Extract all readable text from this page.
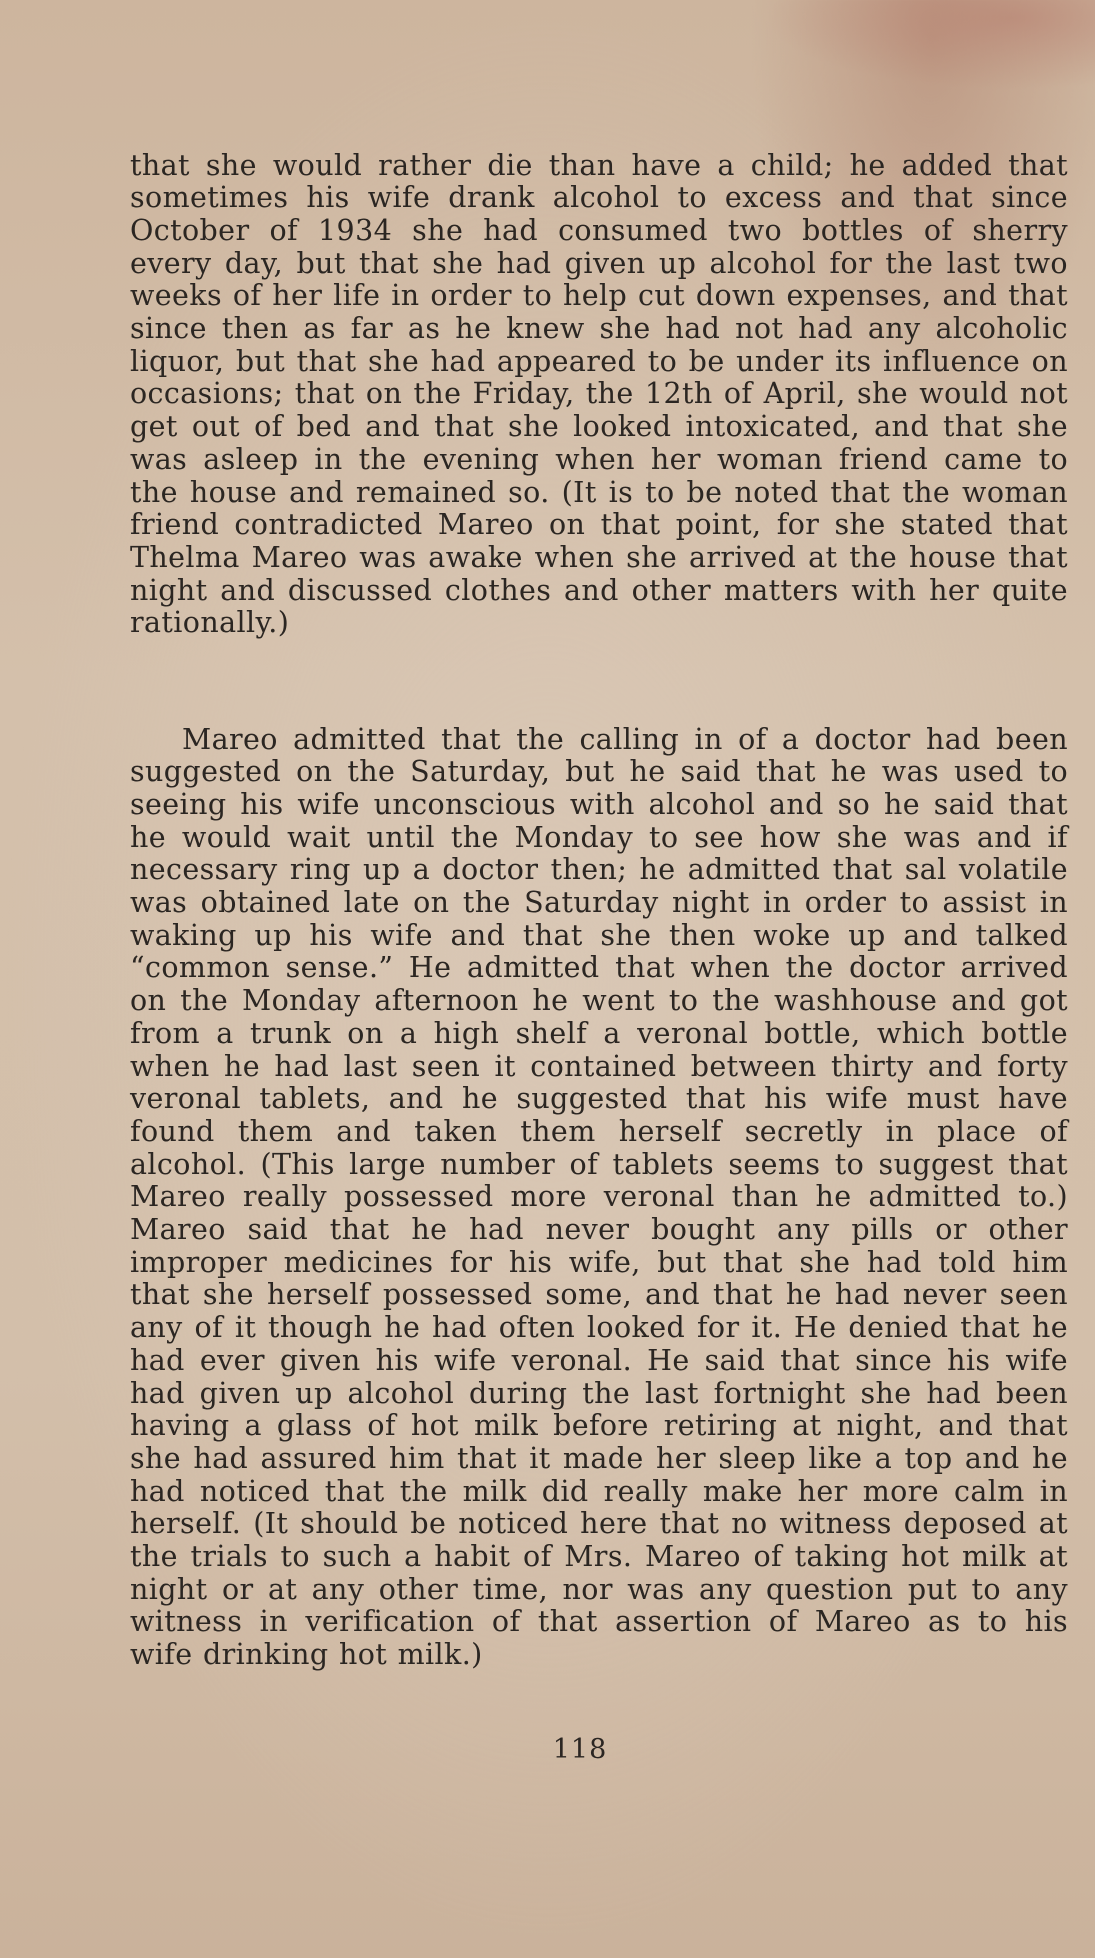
that she would rather die than have a child; he added that sometimes his wife drank alcohol to excess and that since October of 1934 she had consumed two bottles of sherry every day, but that she had given up alcohol for the last two weeks of her life in order to help cut down expenses, and that since then as far as he knew she had not had any alcoholic liquor, but that she had appeared to be under its influence on occasions; that on the Friday, the 12th of April, she would not get out of bed and that she looked intoxicated, and that she was asleep in the evening when her woman friend came to the house and remained so. (It is to be noted that the woman friend contradicted Mareo on that point, for she stated that Thelma Mareo was awake when she arrived at the house that night and discussed clothes and other matters with her quite rationally.)

Mareo admitted that the calling in of a doctor had been suggested on the Saturday, but he said that he was used to seeing his wife unconscious with alcohol and so he said that he would wait until the Monday to see how she was and if necessary ring up a doctor then; he admitted that sal volatile was obtained late on the Saturday night in order to assist in waking up his wife and that she then woke up and talked “common sense.” He admitted that when the doctor arrived on the Monday afternoon he went to the washhouse and got from a trunk on a high shelf a veronal bottle, which bottle when he had last seen it contained between thirty and forty veronal tablets, and he suggested that his wife must have found them and taken them herself secretly in place of alcohol. (This large number of tablets seems to suggest that Mareo really possessed more veronal than he admitted to.) Mareo said that he had never bought any pills or other improper medicines for his wife, but that she had told him that she herself possessed some, and that he had never seen any of it though he had often looked for it. He denied that he had ever given his wife veronal. He said that since his wife had given up alcohol during the last fortnight she had been having a glass of hot milk before retiring at night, and that she had assured him that it made her sleep like a top and he had noticed that the milk did really make her more calm in herself. (It should be noticed here that no witness deposed at the trials to such a habit of Mrs. Mareo of taking hot milk at night or at any other time, nor was any question put to any witness in verification of that assertion of Mareo as to his wife drinking hot milk.)

118
